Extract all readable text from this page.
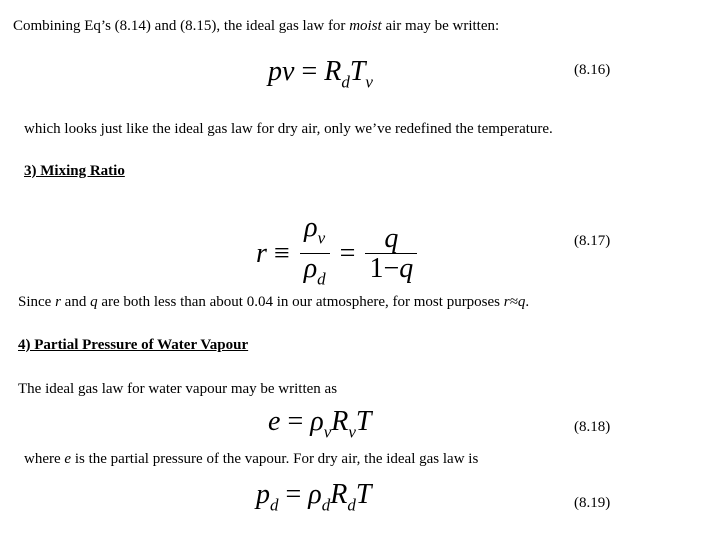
Combining Eq’s (8.14) and (8.15), the ideal gas law for moist air may be written:
pv = $R_dT_v$
(8.16)
which looks just like the ideal gas law for dry air, only we’ve redefined the temperature.
3) Mixing Ratio
$r \equiv \frac{\rho_v}{\rho_d} = \frac{q}{1-q}$	(8.17)
Since r and q are both less than about 0.04 in our atmosphere, for most purposes r≈q.
4) Partial Pressure of Water Vapour
The ideal gas law for water vapour may be written as
$e = \rho_vR_vT$	(8.18)
where e is the partial pressure of the vapour. For dry air, the ideal gas law is
$p_d = \rho_dR_dT$	(8.19)
